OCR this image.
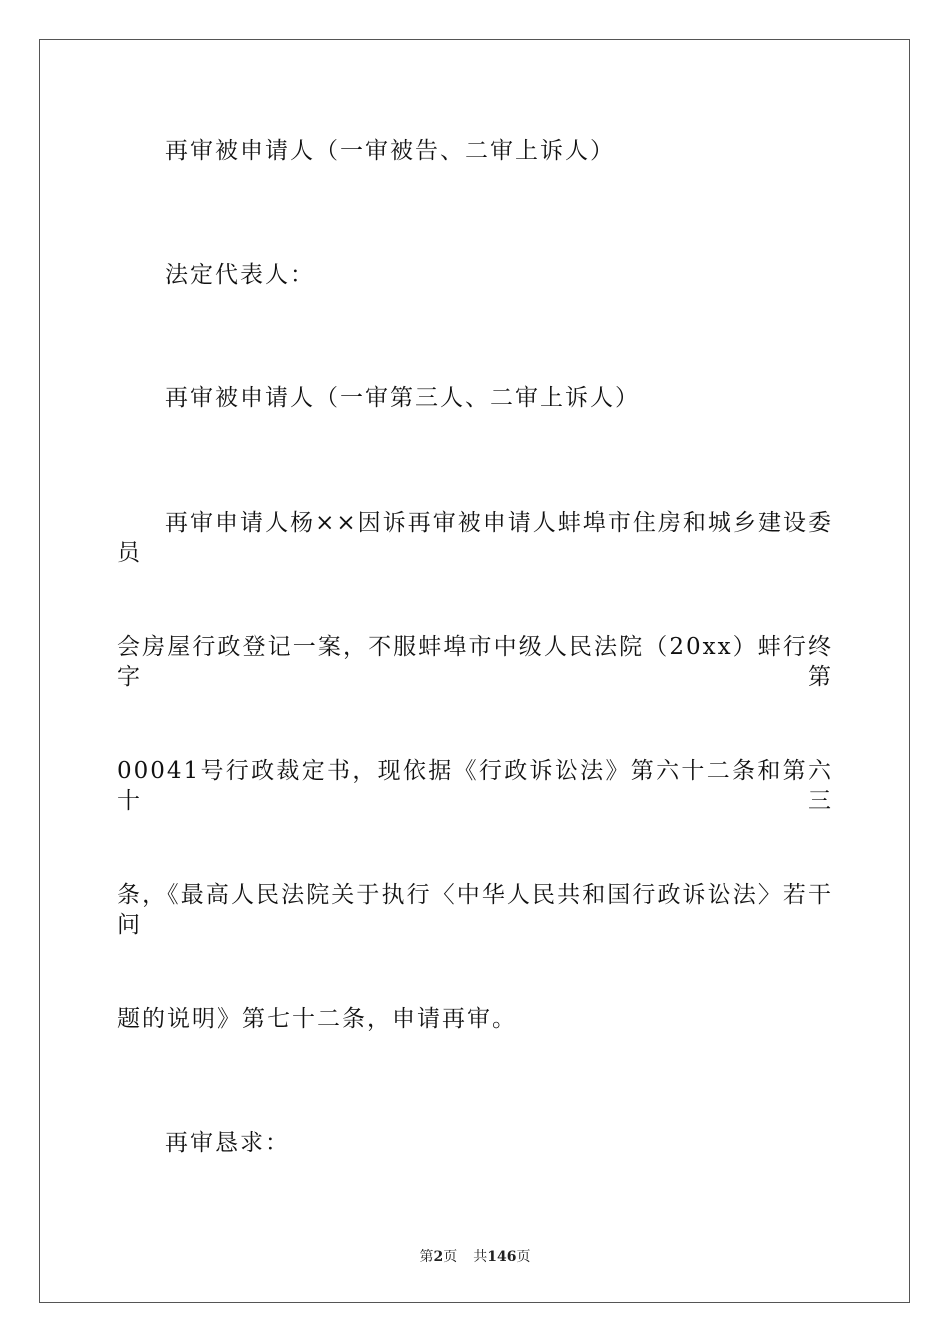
再审被申请人（一审被告、二审上诉人）
法定代表人：
再审被申请人（一审第三人、二审上诉人）
再审申请人杨××因诉再审被申请人蚌埠市住房和城乡建设委员
会房屋行政登记一案，不服蚌埠市中级人民法院（20xx）蚌行终字第
00041号行政裁定书，现依据《行政诉讼法》第六十二条和第六十三
条，《最高人民法院关于执行〈中华人民共和国行政诉讼法〉若干问
题的说明》第七十二条，申请再审。
再审恳求：
第2页 共146页
